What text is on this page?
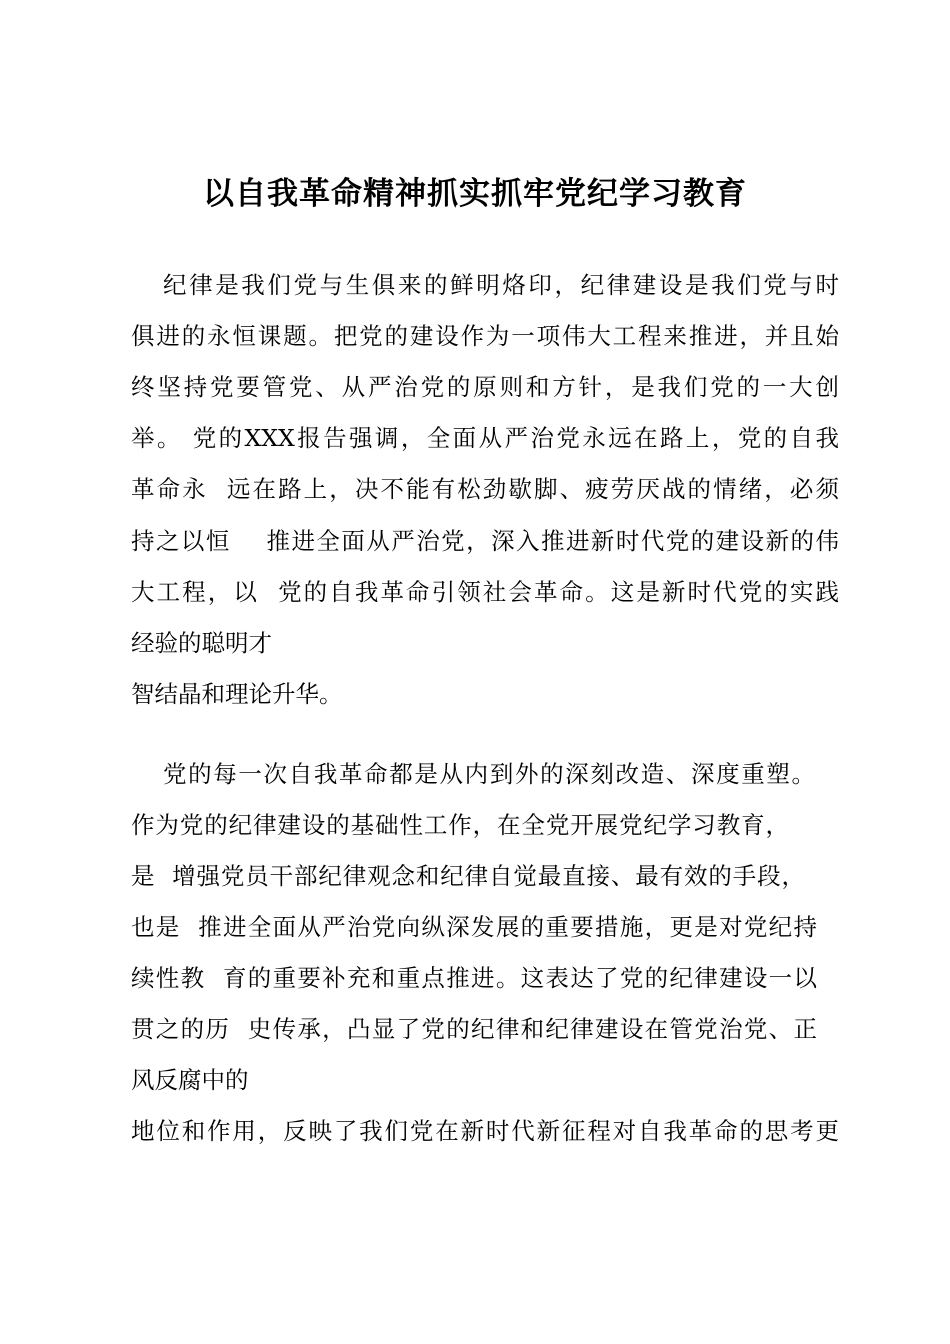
以自我革命精神抓实抓牢党纪学习教育
纪律是我们党与生俱来的鲜明烙印，纪律建设是我们党与时
俱进的永恒课题。把党的建设作为一项伟大工程来推进，并且始
终坚持党要管党、从严治党的原则和方针，是我们党的一大创
举。 党的XXX报告强调，全面从严治党永远在路上，党的自我
革命永  远在路上，决不能有松劲歇脚、疲劳厌战的情绪，必须
持之以恒    推进全面从严治党，深入推进新时代党的建设新的伟
大工程，以  党的自我革命引领社会革命。这是新时代党的实践
经验的聪明才
智结晶和理论升华。
党的每一次自我革命都是从内到外的深刻改造、深度重塑。
作为党的纪律建设的基础性工作，在全党开展党纪学习教育，
是  增强党员干部纪律观念和纪律自觉最直接、最有效的手段，
也是  推进全面从严治党向纵深发展的重要措施，更是对党纪持
续性教  育的重要补充和重点推进。这表达了党的纪律建设一以
贯之的历  史传承，凸显了党的纪律和纪律建设在管党治党、正
风反腐中的
地位和作用，反映了我们党在新时代新征程对自我革命的思考更
